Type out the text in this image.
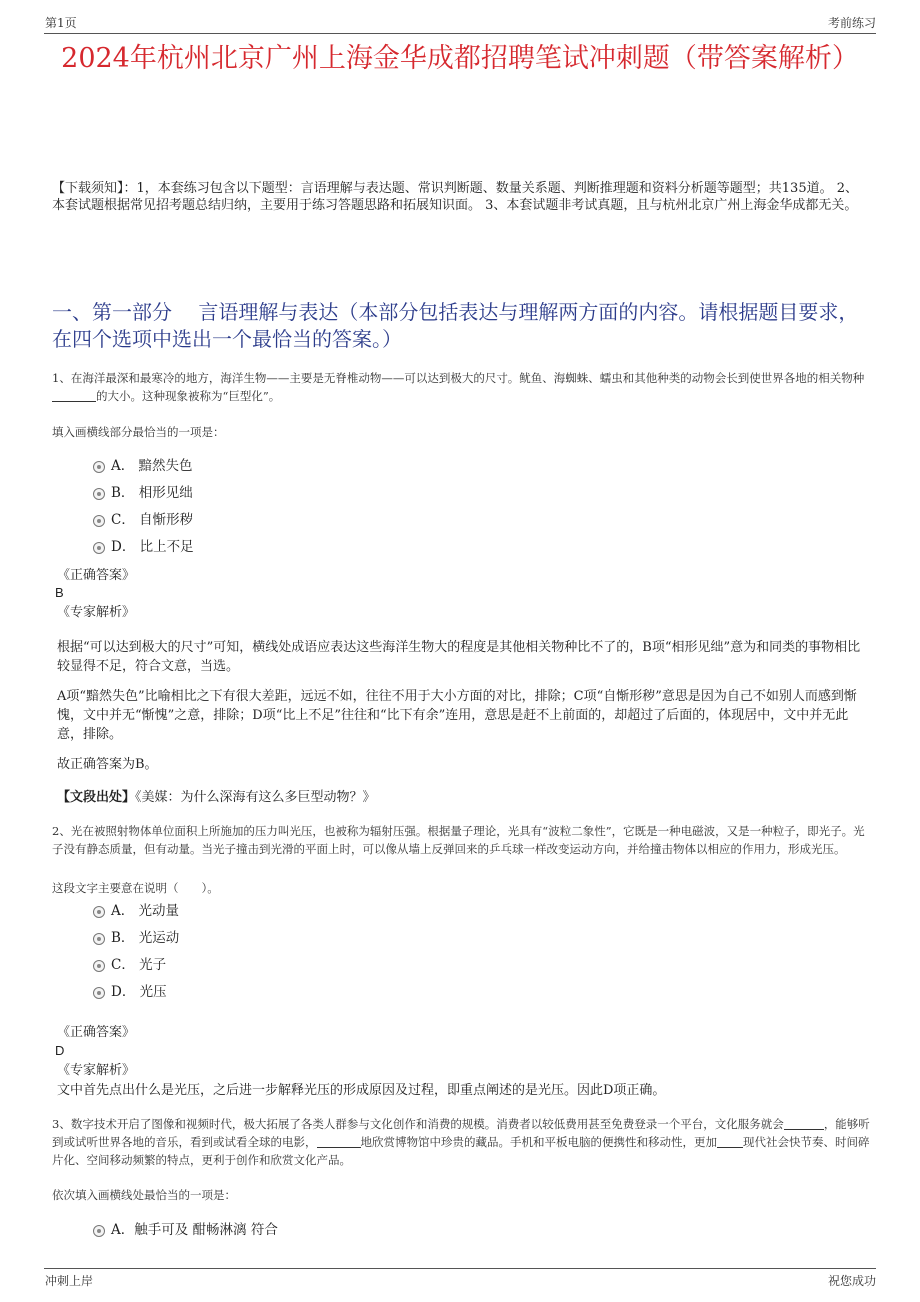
第1页	考前练习
2024年杭州北京广州上海金华成都招聘笔试冲刺题（带答案解析）
【下载须知】：1，本套练习包含以下题型：言语理解与表达题、常识判断题、数量关系题、判断推理题和资料分析题等题型；共135道。 2、本套试题根据常见招考题总结归纳，主要用于练习答题思路和拓展知识面。 3、本套试题非考试真题，且与杭州北京广州上海金华成都无关。
一、第一部分　 言语理解与表达（本部分包括表达与理解两方面的内容。请根据题目要求，在四个选项中选出一个最恰当的答案。）
1、在海洋最深和最寒冷的地方，海洋生物——主要是无脊椎动物——可以达到极大的尺寸。鱿鱼、海蜘蛛、蠕虫和其他种类的动物会长到使世界各地的相关物种的大小。这种现象被称为“巨型化”。
填入画横线部分最恰当的一项是：
A． 黯然失色
B． 相形见绌
C． 自惭形秽
D． 比上不足
《正确答案》
B
《专家解析》
根据“可以达到极大的尺寸”可知，横线处成语应表达这些海洋生物大的程度是其他相关物种比不了的，B项“相形见绌”意为和同类的事物相比较显得不足，符合文意，当选。
A项“黯然失色”比喻相比之下有很大差距，远远不如，往往不用于大小方面的对比，排除；C项“自惭形秽”意思是因为自己不如别人而感到惭愧，文中并无“惭愧”之意，排除；D项“比上不足”往往和“比下有余”连用，意思是赶不上前面的，却超过了后面的，体现居中，文中并无此意，排除。
故正确答案为B。
【文段出处】《美媒：为什么深海有这么多巨型动物？》
2、光在被照射物体单位面积上所施加的压力叫光压，也被称为辐射压强。根据量子理论，光具有“波粒二象性”，它既是一种电磁波，又是一种粒子，即光子。光子没有静态质量，但有动量。当光子撞击到光滑的平面上时，可以像从墙上反弹回来的乒乓球一样改变运动方向，并给撞击物体以相应的作用力，形成光压。
这段文字主要意在说明（　　）。
A． 光动量
B． 光运动
C． 光子
D． 光压
《正确答案》
D
《专家解析》
文中首先点出什么是光压，之后进一步解释光压的形成原因及过程，即重点阐述的是光压。因此D项正确。
3、数字技术开启了图像和视频时代，极大拓展了各类人群参与文化创作和消费的规模。消费者以较低费用甚至免费登录一个平台，文化服务就会	，能够听到或试听世界各地的音乐，看到或试看全球的电影，	地欣赏博物馆中珍贵的藏品。手机和平板电脑的便携性和移动性，更加 现代社会快节奏、时间碎片化、空间移动频繁的特点，更利于创作和欣赏文化产品。
依次填入画横线处最恰当的一项是：
A．触手可及 酣畅淋漓 符合
冲刺上岸	祝您成功
